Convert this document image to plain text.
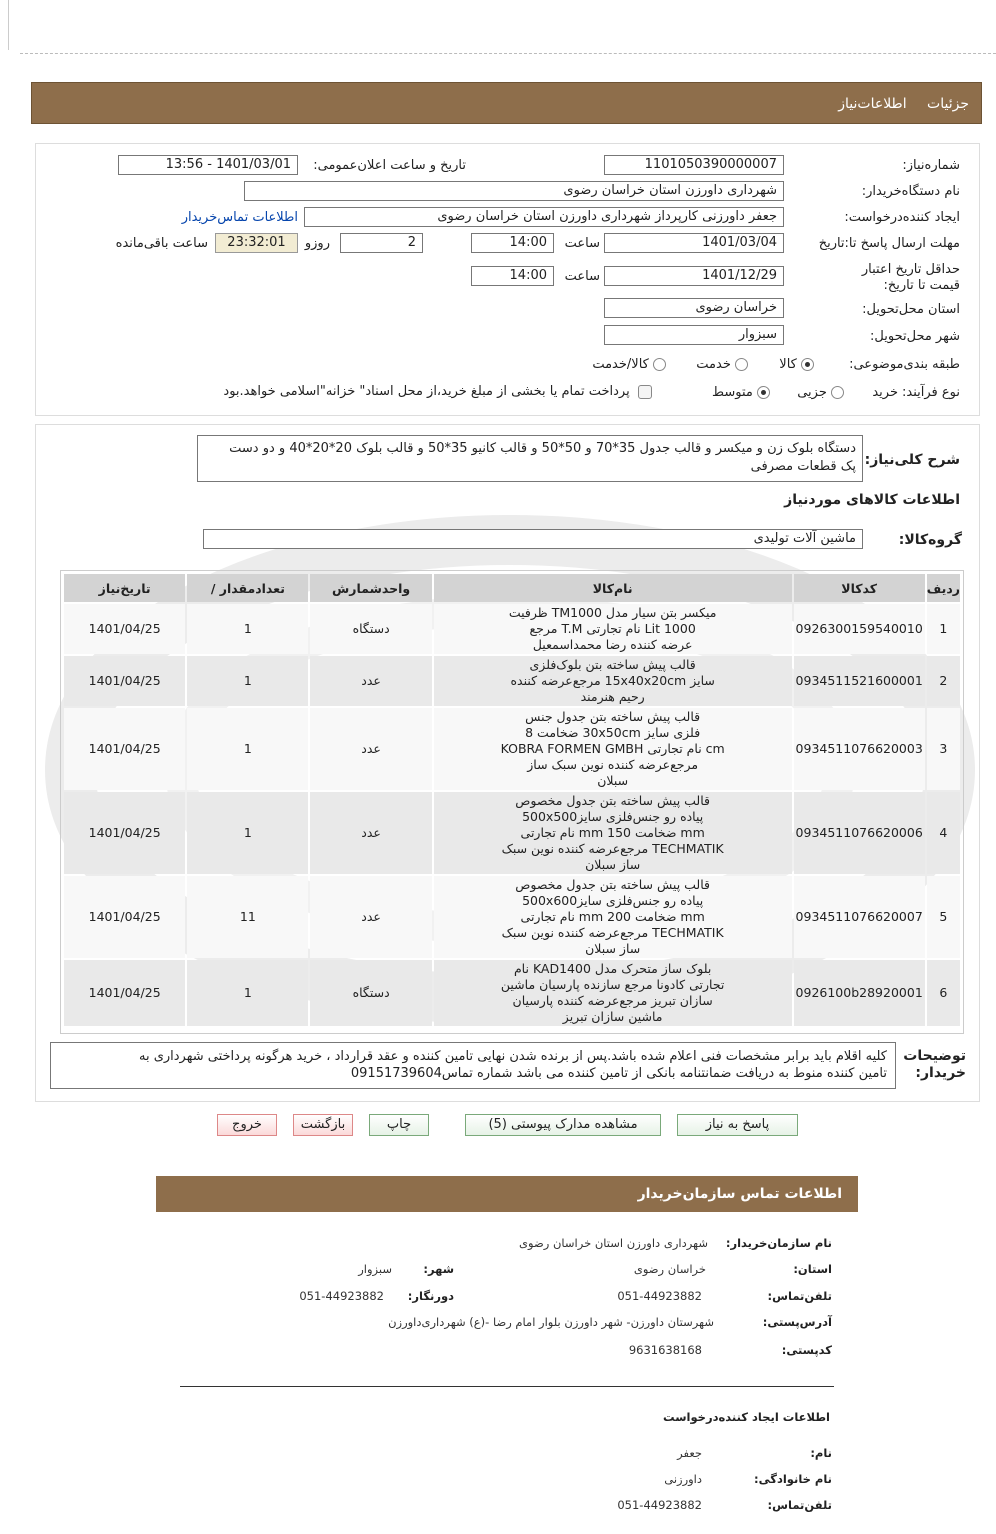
جزئیات اطلاعات‌نیاز
شماره‌نیاز:
1101050390000007
تاریخ و ساعت اعلان‌عمومی:
1401/03/01 - 13:56
نام دستگاه‌خریدار:
شهرداری داورزن استان خراسان رضوی
ایجاد کننده‌درخواست:
جعفر داورزنی کارپرداز شهرداری داورزن استان خراسان رضوی
اطلاعات تماس‌خریدار
مهلت ارسال پاسخ تا:تاریخ
1401/03/04
ساعت
14:00
2
روزو
23:32:01
ساعت باقی‌مانده
حداقل تاریخ اعتبار قیمت تا تاریخ:
1401/12/29
ساعت
14:00
استان محل‌تحویل:
خراسان رضوی
شهر محل‌تحویل:
سبزوار
طبقه بندی‌موضوعی:
کالا
خدمت
کالا/خدمت
نوع فرآیند:
خرید
جزیی
متوسط
پرداخت تمام یا بخشی از مبلغ خرید،از محل اسناد" خزانه"اسلامی خواهد.بود
شرح کلی‌نیاز:
دستگاه بلوک زن و میکسر و قالب جدول 35*70 و 50*50 و قالب کانیو 35*50 و قالب بلوک 20*20*40 و دو دست
پک قطعات مصرفی
اطلاعات کالاهای موردنیاز
گروه‌کالا:
ماشین آلات تولیدی
ردیف	کدکالا	نام‌کالا	واحدشمارش	تعدادمقدار /	تاریخ‌نیاز
1	0926300159540010	میکسر بتن سیار مدل TM1000 ظرفیت
1000 Lit نام تجارتی T.M مرجع
عرضه کننده رضا محمداسمعیل	دستگاه	1	1401/04/25
2	0934511521600001	قالب پیش ساخته بتن بلوک‌فلزی
سایز 15x40x20cm مرجع‌عرضه کننده
رحیم هنرمند	عدد	1	1401/04/25
3	0934511076620003	قالب پیش ساخته بتن جدول جنس
فلزی سایز 30x50cm ضخامت 8
cm نام تجارتی KOBRA FORMEN GMBH
مرجع‌عرضه کننده نوین سبک ساز
سبلان	عدد	1	1401/04/25
4	0934511076620006	قالب پیش ساخته بتن جدول مخصوص
پیاده رو جنس‌فلزی سایز500x500
mm ضخامت 150 mm نام تجارتی
TECHMATIK مرجع‌عرضه کننده نوین سبک
ساز سبلان	عدد	1	1401/04/25
5	0934511076620007	قالب پیش ساخته بتن جدول مخصوص
پیاده رو جنس‌فلزی سایز500x600
mm ضخامت 200 mm نام تجارتی
TECHMATIK مرجع‌عرضه کننده نوین سبک
ساز سبلان	عدد	11	1401/04/25
6	0926100b28920001	بلوک ساز متحرک مدل KAD1400 نام
تجارتی کادونا مرجع سازنده پارسیان ماشین
سازان تبریز مرجع‌عرضه کننده پارسیان
ماشین سازان تبریز	دستگاه	1	1401/04/25
توضیحات خریدار:
کلیه اقلام باید برابر مشخصات فنی اعلام شده باشد.پس از برنده شدن نهایی تامین کننده و عقد قرارداد ، خرید هرگونه پرداختی شهرداری به
تامین کننده منوط به دریافت ضمانتنامه بانکی از تامین کننده می باشد شماره تماس09151739604
پاسخ به نیاز
مشاهده مدارک پیوستی (5)
چاپ
بازگشت
خروج
اطلاعات تماس سازمان‌خریدار
نام سازمان‌خریدار:
شهرداری داورزن استان خراسان رضوی
استان:
خراسان رضوی
شهر:
سبزوار
تلفن‌تماس:
051-44923882
دورنگار:
051-44923882
آدرس‌پستی:
شهرستان داورزن- شهر داورزن بلوار امام رضا -(ع) شهرداری‌داورزن
کدپستی:
9631638168
اطلاعات ایجاد کننده‌درخواست
نام:
جعفر
نام خانوادگی:
داورزنی
تلفن‌تماس:
051-44923882
